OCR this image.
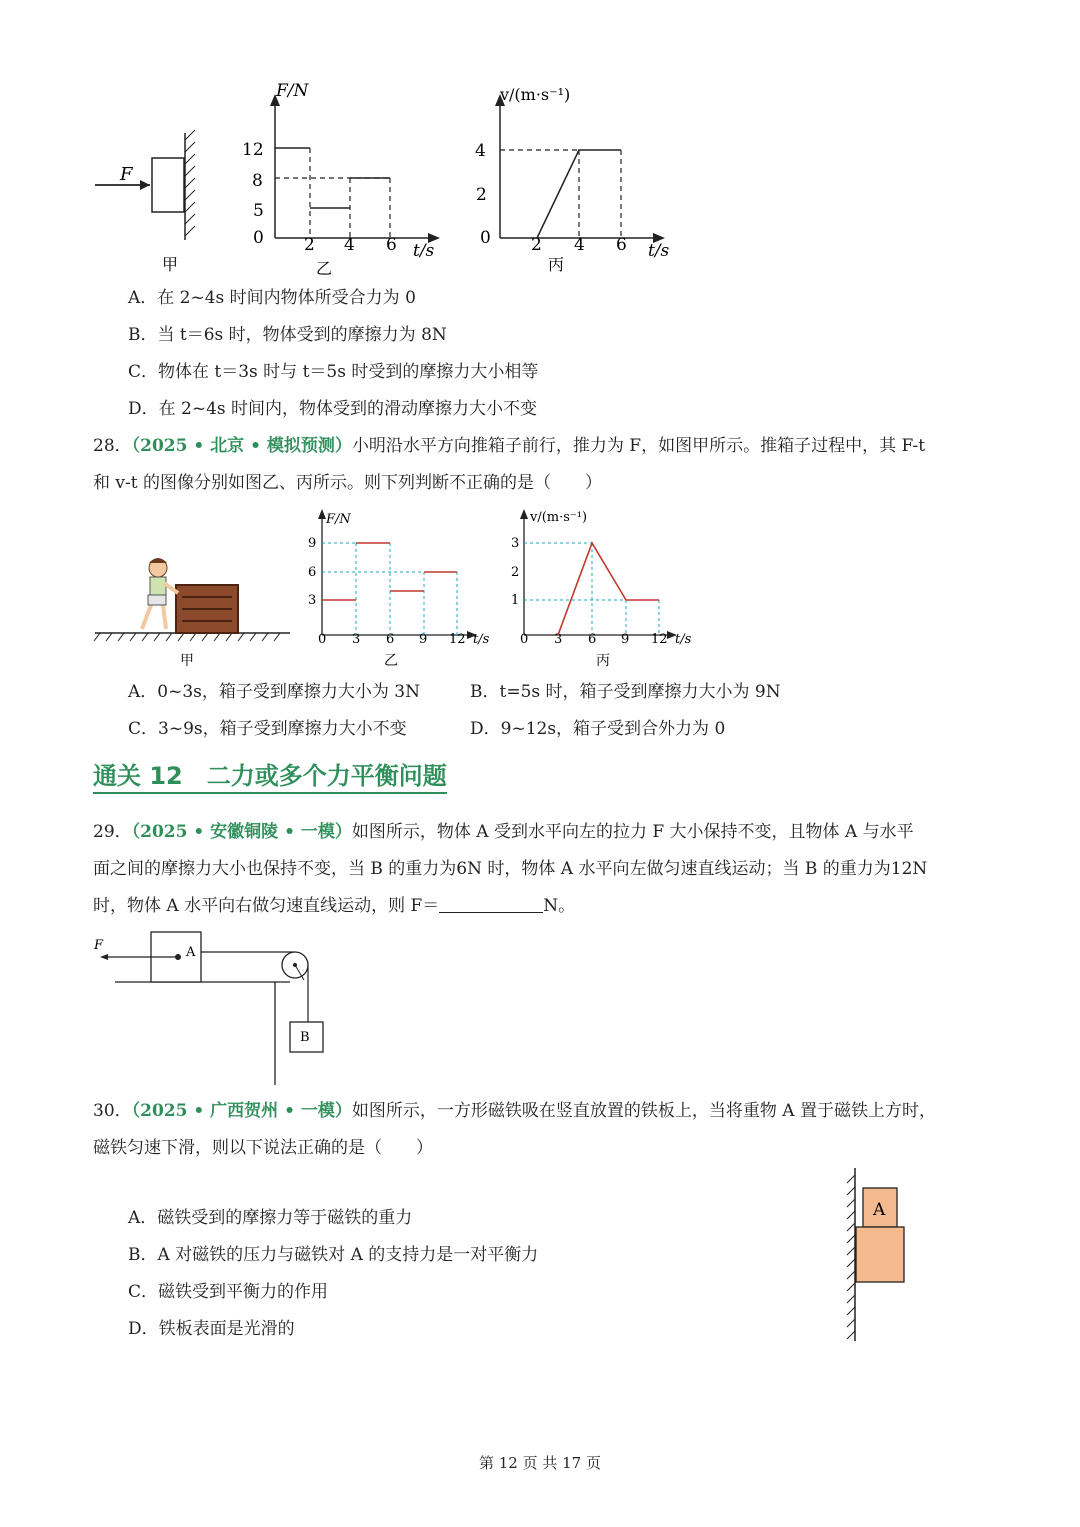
F
甲
F/N
t/s
12
8
5
0 2 4 6
乙
v/(m·s⁻¹)
t/s
4
2
0 2 4 6
丙
A．在 2~4s 时间内物体所受合力为 0
B．当 t＝6s 时，物体受到的摩擦力为 8N
C．物体在 t＝3s 时与 t＝5s 时受到的摩擦力大小相等
D．在 2~4s 时间内，物体受到的滑动摩擦力大小不变
28．（2025 • 北京 • 模拟预测）小明沿水平方向推箱子前行，推力为 F，如图甲所示。推箱子过程中，其 F-t
和 v-t 的图像分别如图乙、丙所示。则下列判断不正确的是（　　）
甲
F/N
t/s
9
6
3
0 3 6 9 12
乙
v/(m·s⁻¹)
t/s
3
2
1
0 3 6 9 12
丙
A．0~3s，箱子受到摩擦力大小为 3N	B．t=5s 时，箱子受到摩擦力大小为 9N
C．3~9s，箱子受到摩擦力大小不变	D．9~12s，箱子受到合外力为 0
通关 12　二力或多个力平衡问题
29．（2025 • 安徽铜陵 • 一模）如图所示，物体 A 受到水平向左的拉力 F 大小保持不变，且物体 A 与水平
面之间的摩擦力大小也保持不变，当 B 的重力为6N 时，物体 A 水平向左做匀速直线运动；当 B 的重力为12N
时，物体 A 水平向右做匀速直线运动，则 F＝	N。
A
F
B
30．（2025 • 广西贺州 • 一模）如图所示，一方形磁铁吸在竖直放置的铁板上，当将重物 A 置于磁铁上方时，
磁铁匀速下滑，则以下说法正确的是（　　）
A．磁铁受到的摩擦力等于磁铁的重力
B．A 对磁铁的压力与磁铁对 A 的支持力是一对平衡力
C．磁铁受到平衡力的作用
D．铁板表面是光滑的
A
第 12 页 共 17 页
